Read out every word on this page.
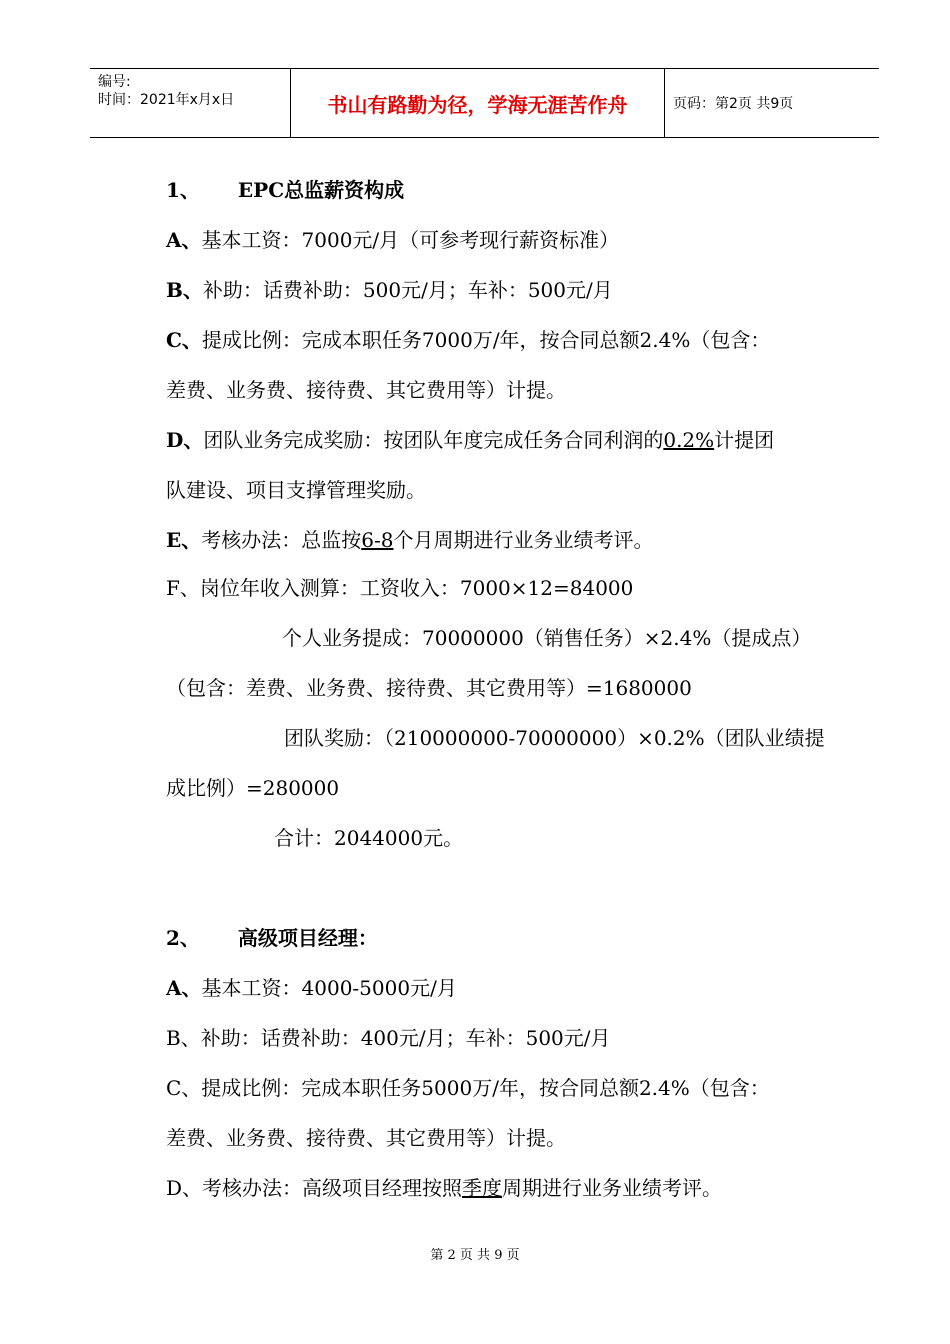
编号:
时间：2021年x月x日	书山有路勤为径，学海无涯苦作舟	页码：第2页 共9页
1、 EPC总监薪资构成
A、基本工资：7000元/月（可参考现行薪资标准）
B、补助：话费补助：500元/月；车补：500元/月
C、提成比例：完成本职任务7000万/年，按合同总额2.4%（包含：
差费、业务费、接待费、其它费用等）计提。
D、团队业务完成奖励：按团队年度完成任务合同利润的0.2%计提团
队建设、项目支撑管理奖励。
E、考核办法：总监按6-8个月周期进行业务业绩考评。
F、岗位年收入测算：工资收入：7000×12=84000
个人业务提成：70000000（销售任务）×2.4%（提成点）
（包含：差费、业务费、接待费、其它费用等）=1680000
团队奖励：（210000000-70000000）×0.2%（团队业绩提
成比例）=280000
合计：2044000元。
2、 高级项目经理：
A、基本工资：4000-5000元/月
B、补助：话费补助：400元/月；车补：500元/月
C、提成比例：完成本职任务5000万/年，按合同总额2.4%（包含：
差费、业务费、接待费、其它费用等）计提。
D、考核办法：高级项目经理按照季度周期进行业务业绩考评。
第 2 页 共 9 页
